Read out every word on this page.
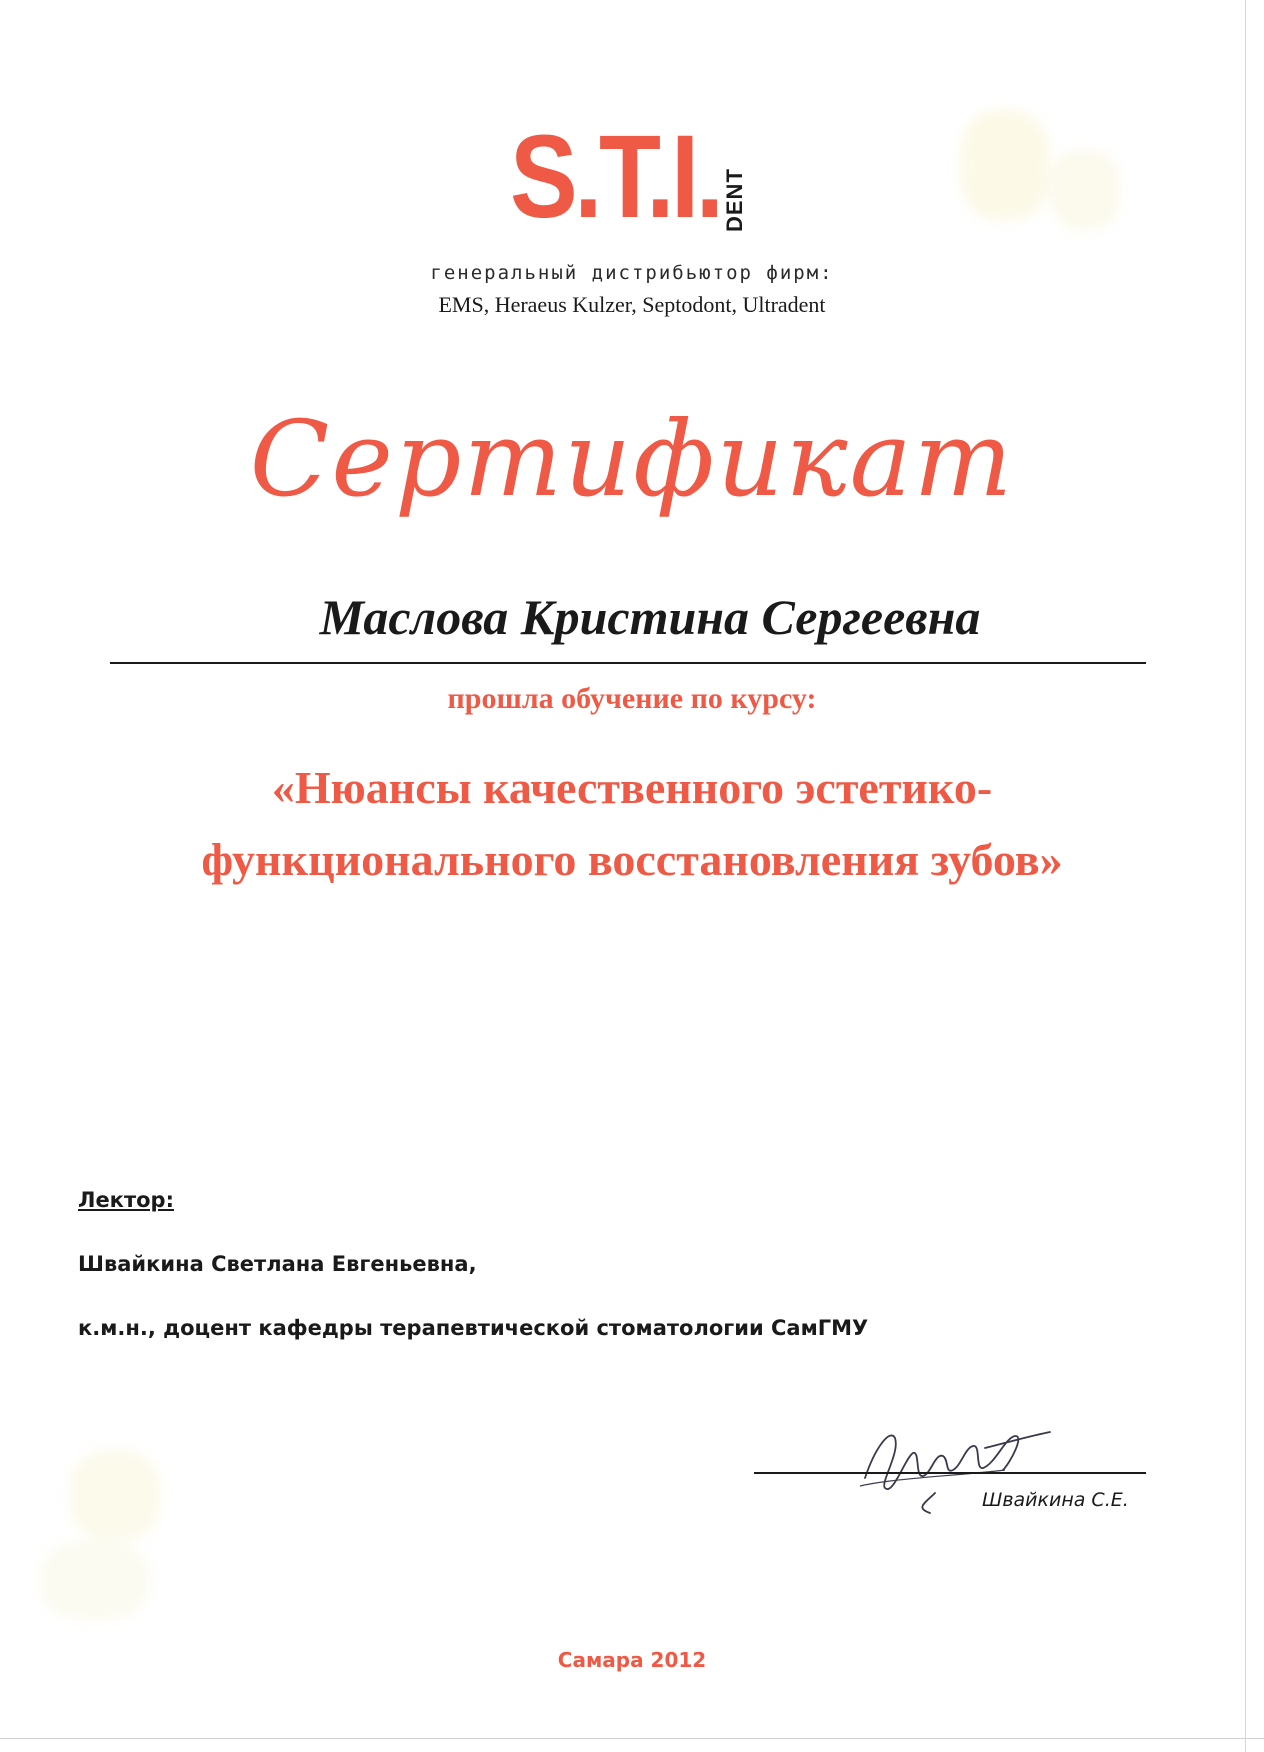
S.T.I. DENT
генеральный дистрибьютор фирм:
EMS, Heraeus Kulzer, Septodont, Ultradent
Сертификат
Маслова Кристина Сергеевна
прошла обучение по курсу:
«Нюансы качественного эстетико-
функционального восстановления зубов»
Лектор:
Швайкина Светлана Евгеньевна,
к.м.н., доцент кафедры терапевтической стоматологии СамГМУ
Швайкина С.Е.
Самара 2012
